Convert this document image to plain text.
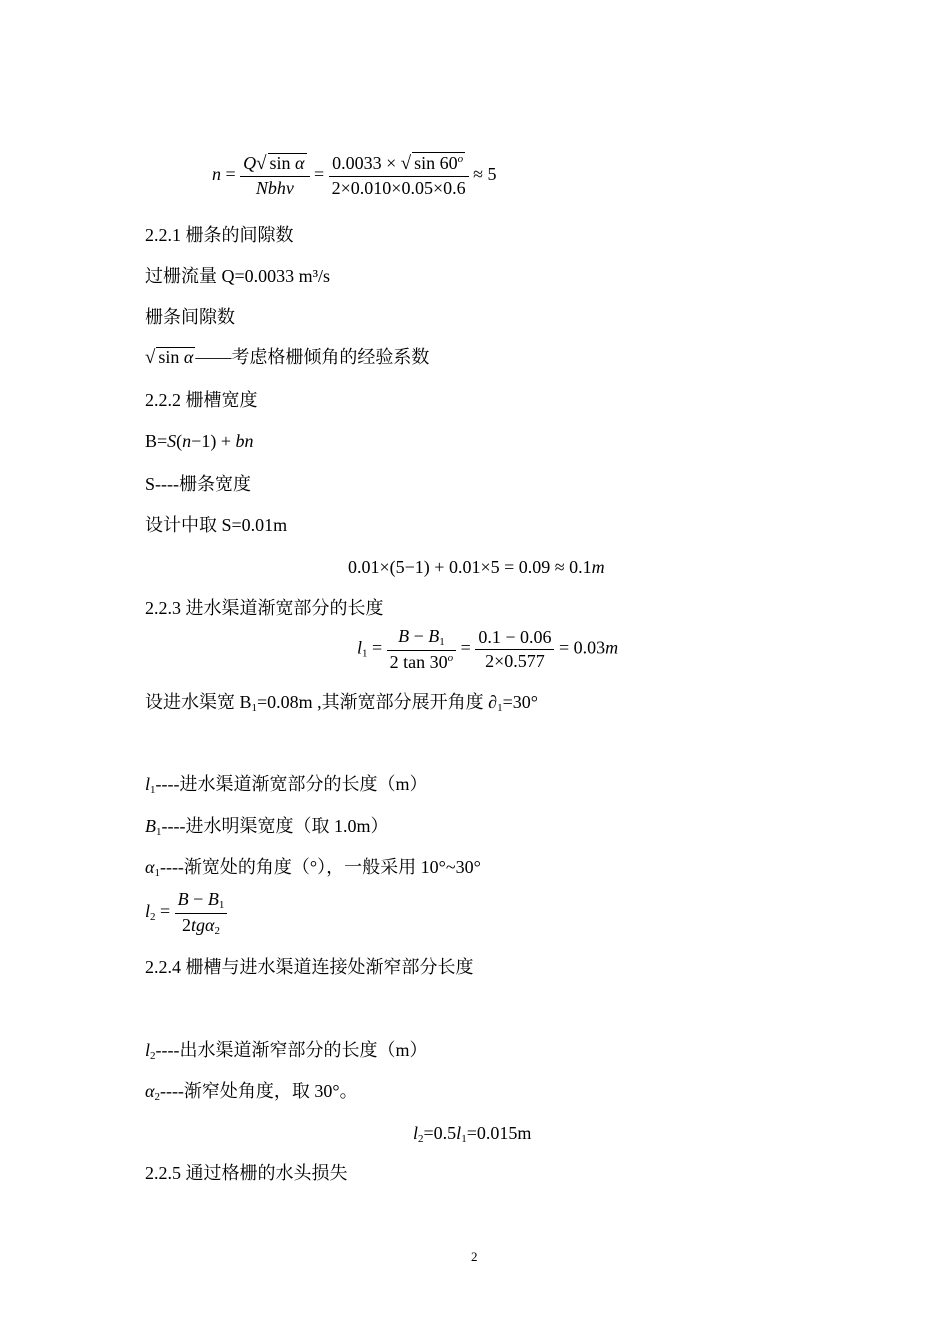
$n = \frac{\text{Q√ sin α}}{\text{Nbhv}} = \frac{0.0033 \times √ \sin 60^o}{2\times 0.010\times 0.05\times 0.6} \approx 5$
2.2.1 栅条的间隙数
过栅流量 Q=0.0033 m³/s
栅条间隙数
√ sin α ——考虑格栅倾角的经验系数
2.2.2 栅槽宽度
B=S(n−1) + bn
S----栅条宽度
设计中取 S=0.01m
0.01×(5−1) + 0.01×5 = 0.09 ≈ 0.1m
2.2.3 进水渠道渐宽部分的长度
$l_1 = \frac{B - B_1}{2 \tan 30^o} = \frac{0.1 - 0.06}{2\times 0.577} = 0.03m$
设进水渠宽 $B_1=0.08m$ ,其渐宽部分展开角度 $\partial_1=30^\circ$
$l_1----$进水渠道渐宽部分的长度（m）
$B_1----$进水明渠宽度（取 1.0m）
$\alpha_1----$渐宽处的角度（°），一般采用 10°~30°
$l_2 = \frac{B - B_1}{2tg\alpha_2}$
2.2.4 栅槽与进水渠道连接处渐窄部分长度
$l_2----$出水渠道渐窄部分的长度（m）
$\alpha_2----$渐窄处角度，取 30°。
$l_2=0.5l_1=0.015m$
2.2.5 通过格栅的水头损失
2
